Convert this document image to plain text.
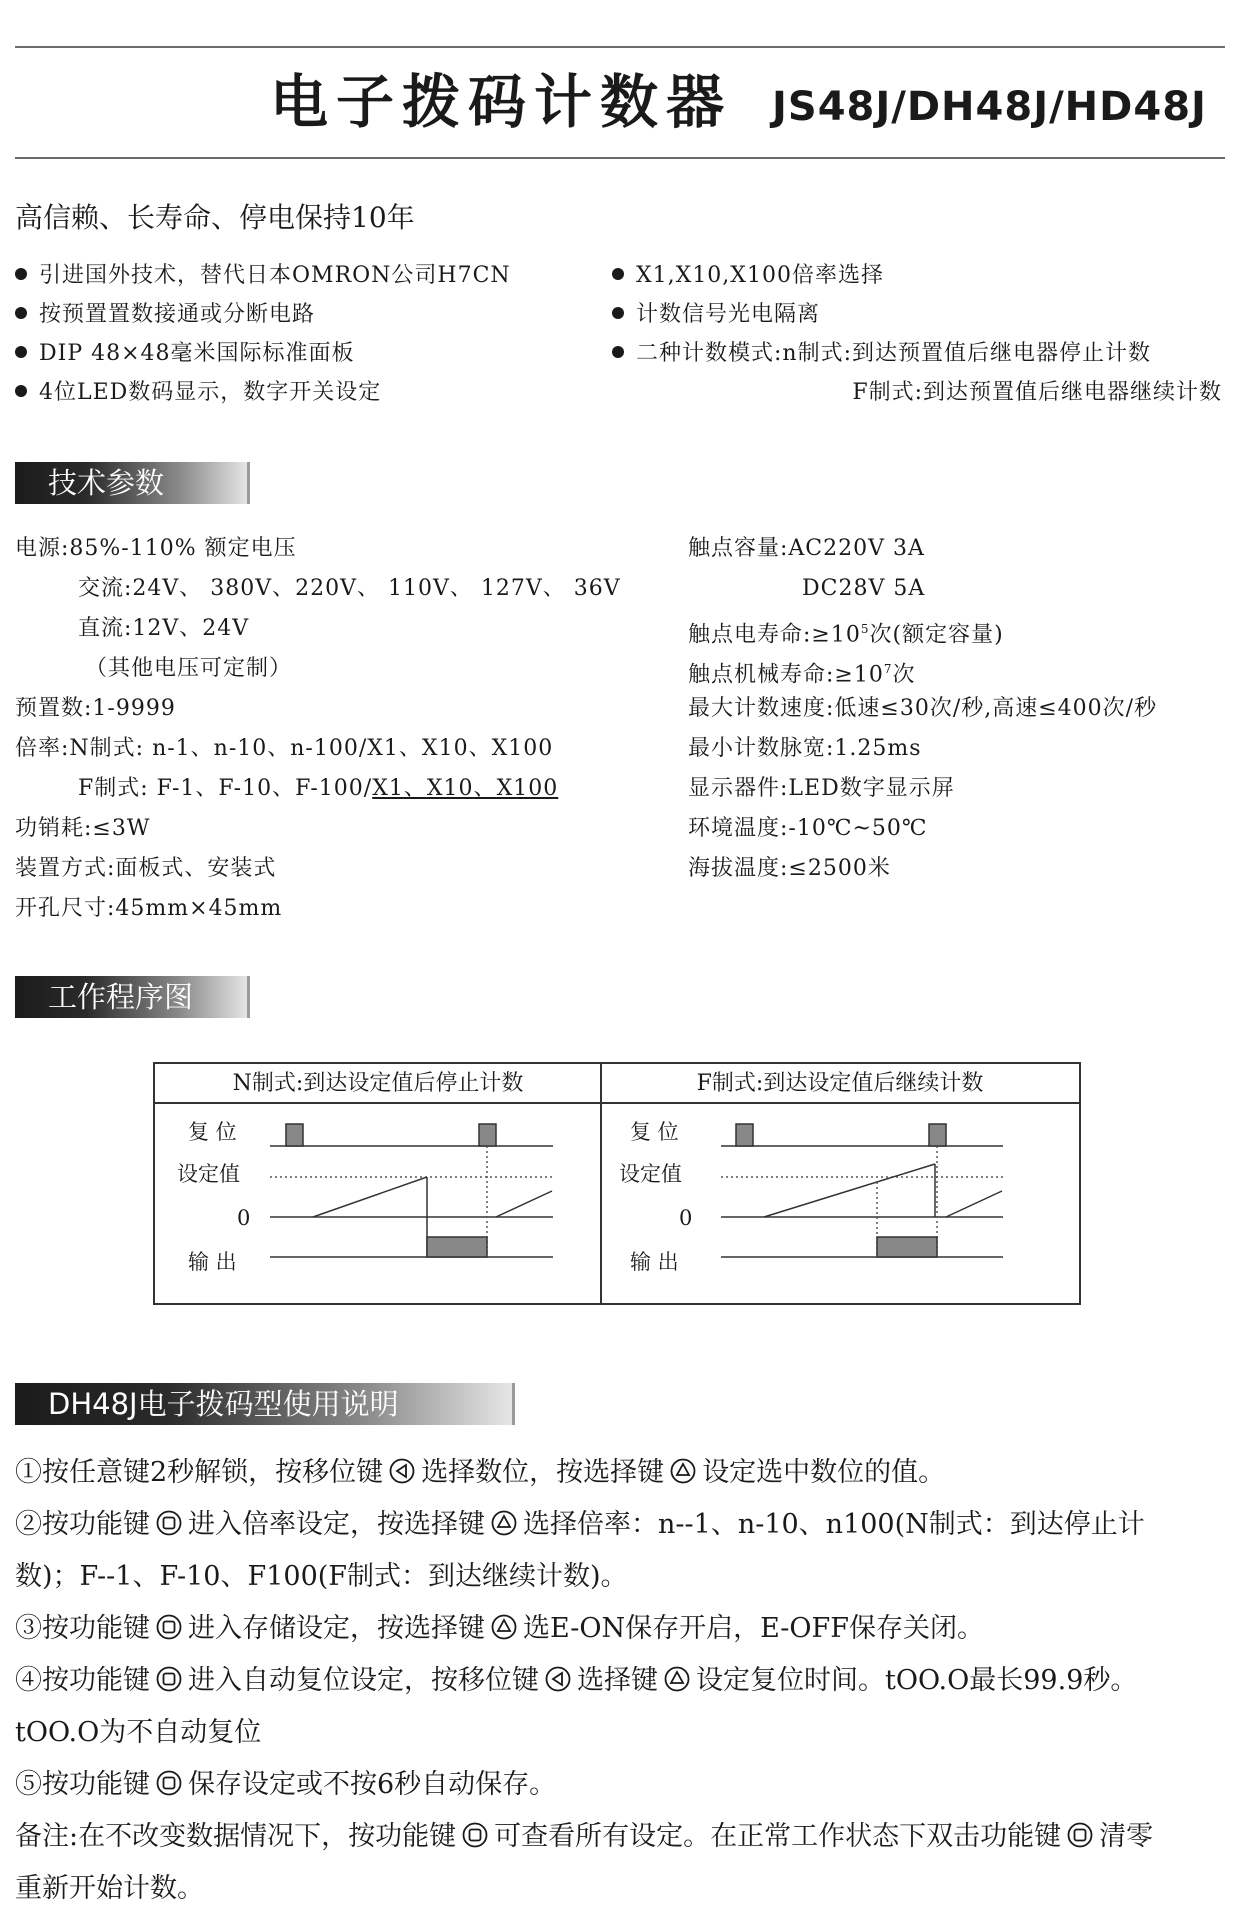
电子拨码计数器 JS48J/DH48J/HD48J
高信赖、长寿命、停电保持10年
引进国外技术，替代日本OMRON公司H7CN
按预置置数接通或分断电路
DIP 48×48毫米国际标准面板
4位LED数码显示，数字开关设定
X1,X10,X100倍率选择
计数信号光电隔离
二种计数模式:n制式:到达预置值后继电器停止计数
F制式:到达预置值后继电器继续计数
技术参数
电源:85%-110% 额定电压
交流:24V、 380V、220V、 110V、 127V、 36V
直流:12V、24V
（其他电压可定制）
预置数:1-9999
倍率:N制式: n-1、n-10、n-100/X1、X10、X100
F制式: F-1、F-10、F-100/X1、X10、X100
功销耗:≤3W
装置方式:面板式、安装式
开孔尺寸:45mm×45mm
触点容量:AC220V 3A
DC28V 5A
触点电寿命$:\ge 10^5$次(额定容量)
触点机械寿命$:\ge 10^7$次
最大计数速度:低速≤30次/秒,高速≤400次/秒
最小计数脉宽:1.25ms
显示器件:LED数字显示屏
环境温度:-10℃~50℃
海拔温度:≤2500米
工作程序图
N制式:到达设定值后停止计数	F制式:到达设定值后继续计数
复 位
设定值
0
输 出
复 位
设定值
0
输 出
DH48J电子拨码型使用说明
①按任意键2秒解锁，按移位键 选择数位，按选择键 设定选中数位的值。
②按功能键 进入倍率设定，按选择键 选择倍率：n--1、n-10、n100(N制式：到达停止计
数)；F--1、F-10、F100(F制式：到达继续计数)。
③按功能键 进入存储设定，按选择键 选E-ON保存开启，E-OFF保存关闭。
④按功能键 进入自动复位设定，按移位键 选择键 设定复位时间。tOO.O最长99.9秒。
tOO.O为不自动复位
⑤按功能键 保存设定或不按6秒自动保存。
备注:在不改变数据情况下，按功能键 可查看所有设定。在正常工作状态下双击功能键 清零
重新开始计数。
